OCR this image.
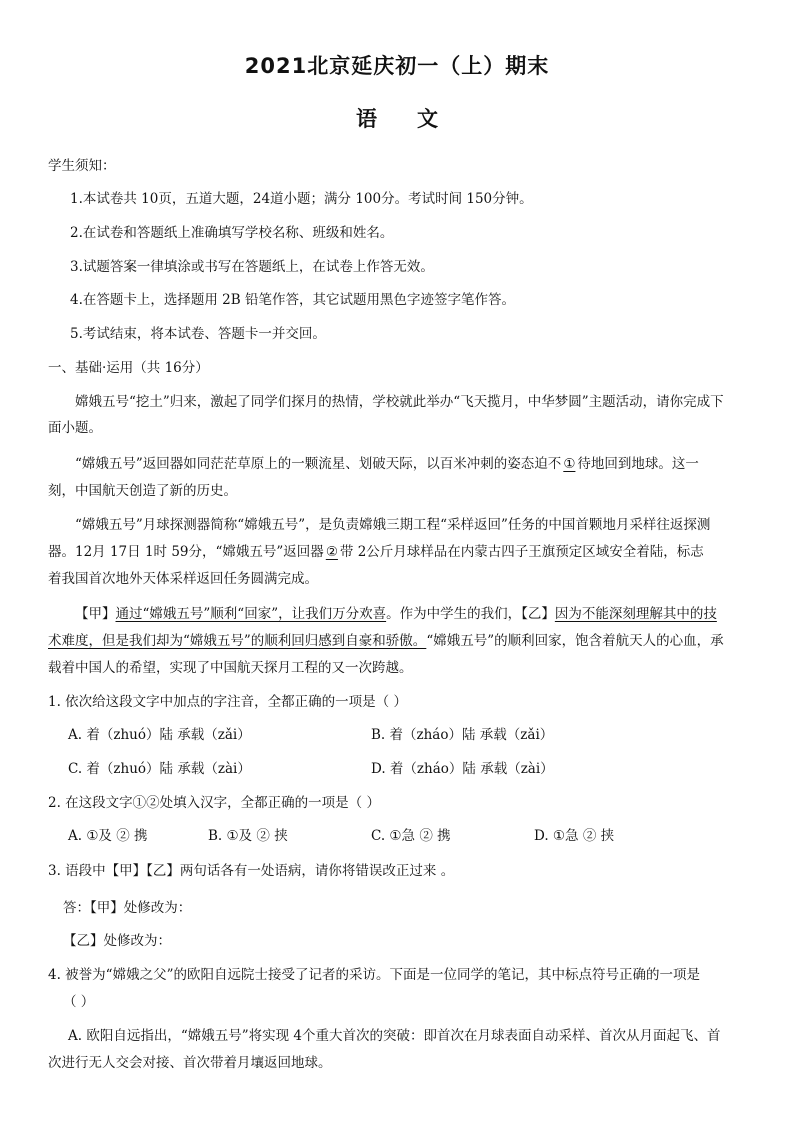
2021北京延庆初一（上）期末
语文
学生须知：
1.本试卷共 10页，五道大题，24道小题；满分 100分。考试时间 150分钟。
2.在试卷和答题纸上准确填写学校名称、班级和姓名。
3.试题答案一律填涂或书写在答题纸上，在试卷上作答无效。
4.在答题卡上，选择题用 2B 铅笔作答，其它试题用黑色字迹签字笔作答。
5.考试结束，将本试卷、答题卡一并交回。
一、基础·运用（共 16分）
嫦娥五号“挖土”归来，激起了同学们探月的热情，学校就此举办“飞天揽月，中华梦圆”主题活动，请你完成下
面小题。
“嫦娥五号”返回器如同茫茫草原上的一颗流星、划破天际，以百米冲刺的姿态迫不①待地回到地球。这一
刻，中国航天创造了新的历史。
“嫦娥五号”月球探测器简称“嫦娥五号”，是负责嫦娥三期工程“采样返回”任务的中国首颗地月采样往返探测
器。12月 17日 1时 59分，“嫦娥五号”返回器②带 2公斤月球样品在内蒙古四子王旗预定区域安全着陆，标志
着我国首次地外天体采样返回任务圆满完成。
【甲】通过“嫦娥五号”顺利“回家”，让我们万分欢喜。作为中学生的我们，【乙】因为不能深刻理解其中的技
术难度，但是我们却为“嫦娥五号”的顺利回归感到自豪和骄傲。“嫦娥五号”的顺利回家，饱含着航天人的心血，承
载着中国人的希望，实现了中国航天探月工程的又一次跨越。
1. 依次给这段文字中加点的字注音，全都正确的一项是（ ）
A. 着（zhuó）陆 承载（zǎi）	B. 着（zháo）陆 承载（zǎi）
C. 着（zhuó）陆 承载（zài）	D. 着（zháo）陆 承载（zài）
2. 在这段文字①②处填入汉字，全都正确的一项是（ ）
A. ①及 ② 携	B. ①及 ② 挟	C. ①急 ② 携	D. ①急 ② 挟
3. 语段中【甲】【乙】两句话各有一处语病，请你将错误改正过来 。
答：【甲】处修改为：
【乙】处修改为：
4. 被誉为“嫦娥之父”的欧阳自远院士接受了记者的采访。下面是一位同学的笔记，其中标点符号正确的一项是
（ ）
A. 欧阳自远指出，“嫦娥五号”将实现 4个重大首次的突破：即首次在月球表面自动采样、首次从月面起飞、首
次进行无人交会对接、首次带着月壤返回地球。
